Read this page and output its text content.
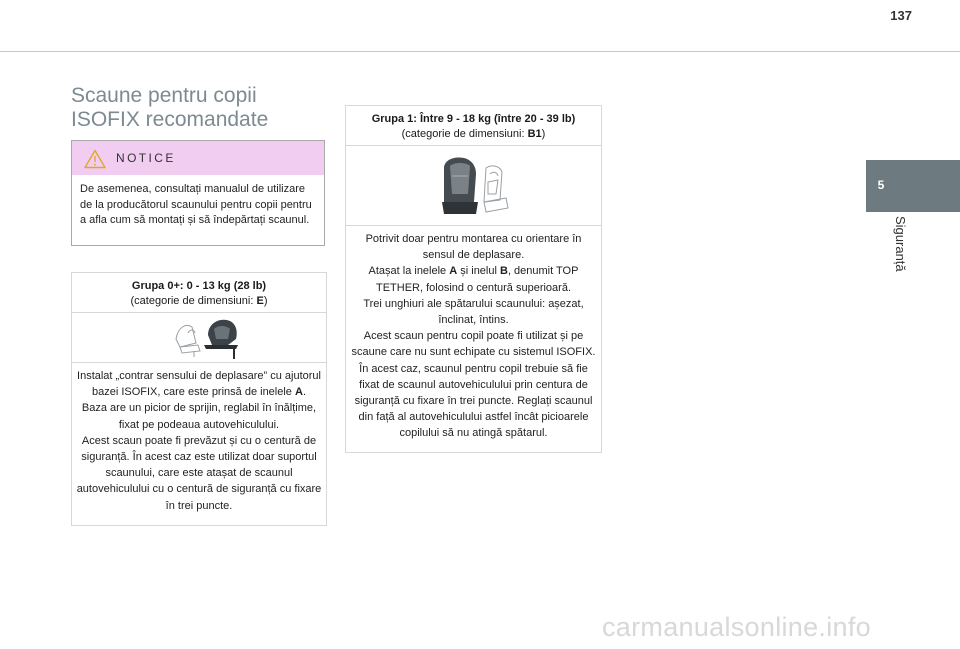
137
5
Siguranță
Scaune pentru copii
ISOFIX recomandate
NOTICE
De asemenea, consultați manualul de utilizare de la producătorul scaunului pentru copii pentru a afla cum să montați și să îndepărtați scaunul.
Grupa 0+: 0 - 13 kg (28 lb)
(categorie de dimensiuni: E)

Instalat „contrar sensului de deplasare” cu ajutorul bazei ISOFIX, care este prinsă de inelele A.

Baza are un picior de sprijin, reglabil în înălțime, fixat pe podeaua autovehiculului.

Acest scaun poate fi prevăzut și cu o centură de siguranță. În acest caz este utilizat doar suportul scaunului, care este atașat de scaunul autovehiculului cu o centură de siguranță cu fixare în trei puncte.

Grupa 1: Între 9 - 18 kg (între 20 - 39 lb)
(categorie de dimensiuni: B1)

Potrivit doar pentru montarea cu orientare în sensul de deplasare.

Atașat la inelele A și inelul B, denumit TOP TETHER, folosind o centură superioară.

Trei unghiuri ale spătarului scaunului: așezat, înclinat, întins.

Acest scaun pentru copil poate fi utilizat și pe scaune care nu sunt echipate cu sistemul ISOFIX. În acest caz, scaunul pentru copil trebuie să fie fixat de scaunul autovehiculului prin centura de siguranță cu fixare în trei puncte. Reglați scaunul din față al autovehiculului astfel încât picioarele copilului să nu atingă spătarul.

carmanualsonline.info
